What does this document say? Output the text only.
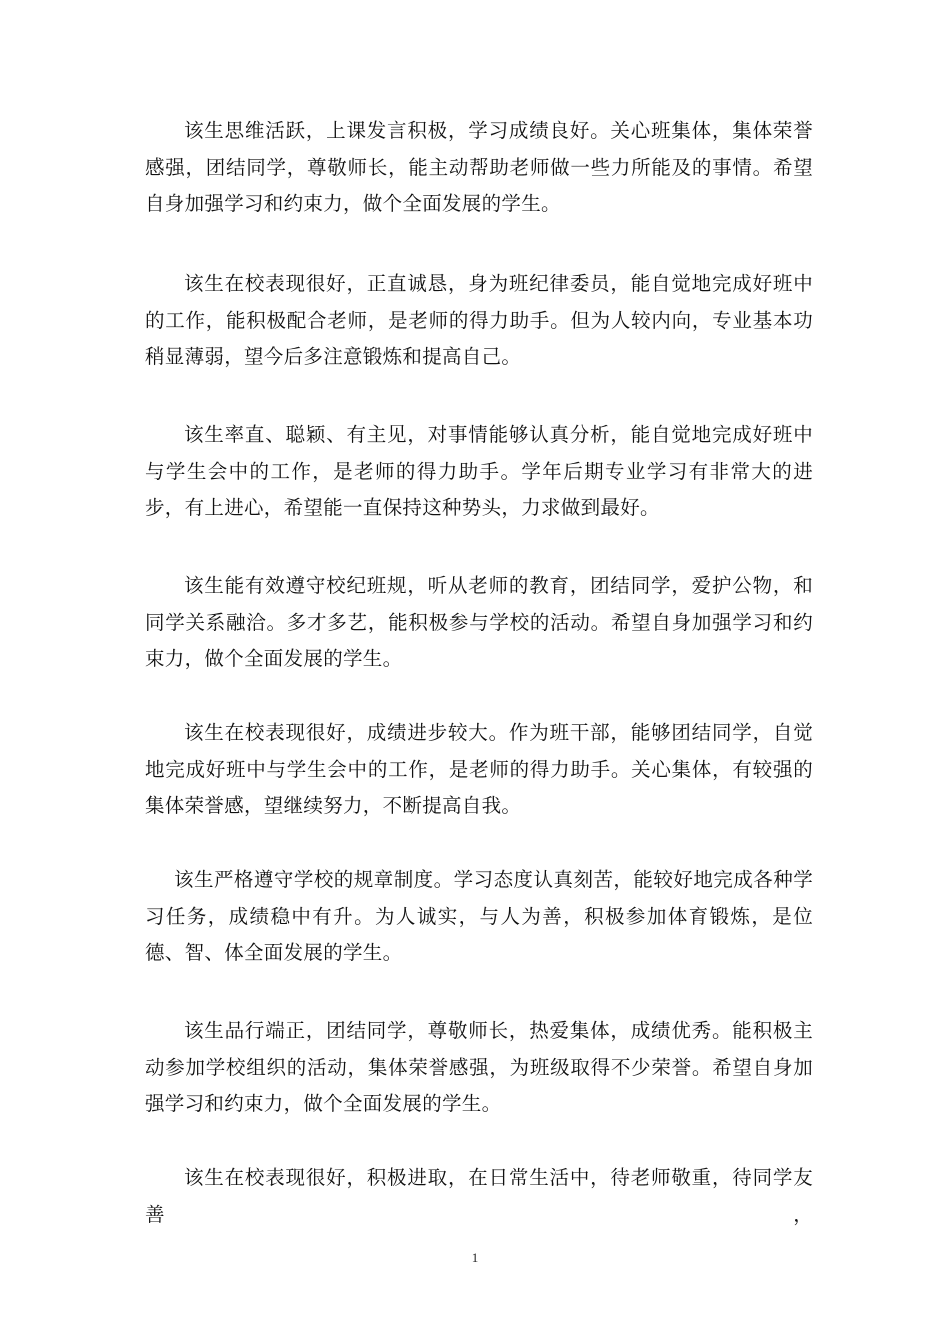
该生思维活跃，上课发言积极，学习成绩良好。关心班集体，集体荣誉感强，团结同学，尊敬师长，能主动帮助老师做一些力所能及的事情。希望自身加强学习和约束力，做个全面发展的学生。

该生在校表现很好，正直诚恳，身为班纪律委员，能自觉地完成好班中的工作，能积极配合老师，是老师的得力助手。但为人较内向，专业基本功稍显薄弱，望今后多注意锻炼和提高自己。

该生率直、聪颖、有主见，对事情能够认真分析，能自觉地完成好班中与学生会中的工作，是老师的得力助手。学年后期专业学习有非常大的进步，有上进心，希望能一直保持这种势头，力求做到最好。

该生能有效遵守校纪班规，听从老师的教育，团结同学，爱护公物，和同学关系融洽。多才多艺，能积极参与学校的活动。希望自身加强学习和约束力，做个全面发展的学生。

该生在校表现很好，成绩进步较大。作为班干部，能够团结同学，自觉地完成好班中与学生会中的工作，是老师的得力助手。关心集体，有较强的集体荣誉感，望继续努力，不断提高自我。

该生严格遵守学校的规章制度。学习态度认真刻苦，能较好地完成各种学习任务，成绩稳中有升。为人诚实，与人为善，积极参加体育锻炼，是位德、智、体全面发展的学生。

该生品行端正，团结同学，尊敬师长，热爱集体，成绩优秀。能积极主动参加学校组织的活动，集体荣誉感强，为班级取得不少荣誉。希望自身加强学习和约束力，做个全面发展的学生。

该生在校表现很好，积极进取，在日常生活中，待老师敬重，待同学友善，

1
